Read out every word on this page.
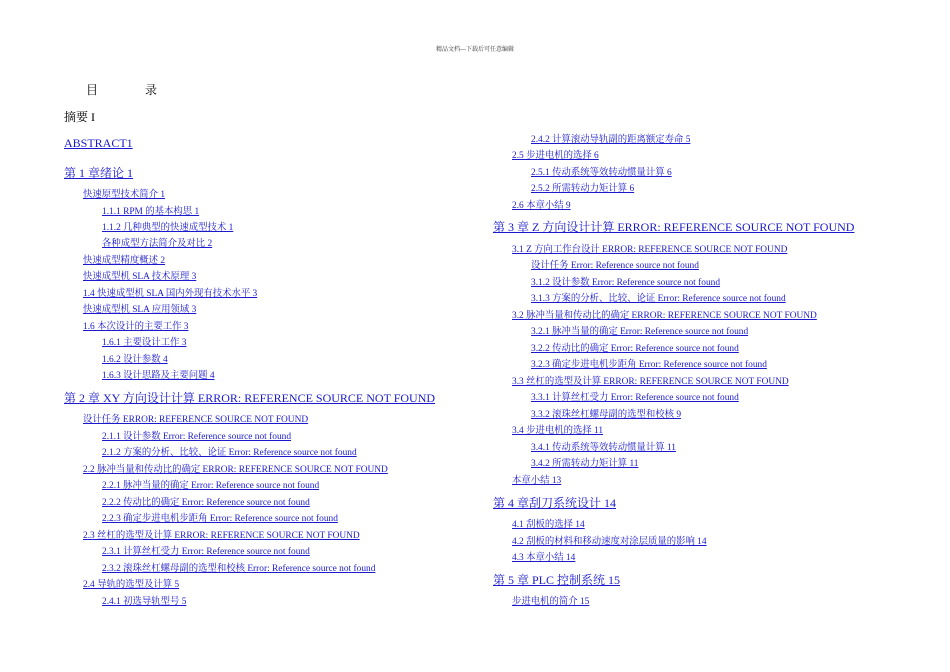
精品文档---下载后可任意编辑
目 录
摘要 I
ABSTRACT1
第 1 章绪论 1
快速原型技术简介 1
1.1.1 RPM 的基本构思 1
1.1.2 几种典型的快速成型技术 1
各种成型方法简介及对比 2
快速成型精度概述 2
快速成型机 SLA 技术原理 3
1.4 快速成型机 SLA 国内外现有技术水平 3
快速成型机 SLA 应用领域 3
1.6 本次设计的主要工作 3
1.6.1 主要设计工作 3
1.6.2 设计参数 4
1.6.3 设计思路及主要问题 4
第 2 章 XY 方向设计计算 ERROR: REFERENCE SOURCE NOT FOUND
设计任务 ERROR: REFERENCE SOURCE NOT FOUND
2.1.1 设计参数 Error: Reference source not found
2.1.2 方案的分析、比较、论证 Error: Reference source not found
2.2 脉冲当量和传动比的确定 ERROR: REFERENCE SOURCE NOT FOUND
2.2.1 脉冲当量的确定 Error: Reference source not found
2.2.2 传动比的确定 Error: Reference source not found
2.2.3 确定步进电机步距角 Error: Reference source not found
2.3 丝杠的选型及计算 ERROR: REFERENCE SOURCE NOT FOUND
2.3.1 计算丝杠受力 Error: Reference source not found
2.3.2 滚珠丝杠螺母副的选型和校核 Error: Reference source not found
2.4 导轨的选型及计算 5
2.4.1 初选导轨型号 5
2.4.2 计算滚动导轨副的距离额定寿命 5
2.5 步进电机的选择 6
2.5.1 传动系统等效转动惯量计算 6
2.5.2 所需转动力矩计算 6
2.6 本章小结 9
第 3 章 Z 方向设计计算 ERROR: REFERENCE SOURCE NOT FOUND
3.1 Z 方向工作台设计 ERROR: REFERENCE SOURCE NOT FOUND
设计任务 Error: Reference source not found
3.1.2 设计参数 Error: Reference source not found
3.1.3 方案的分析、比较、论证 Error: Reference source not found
3.2 脉冲当量和传动比的确定 ERROR: REFERENCE SOURCE NOT FOUND
3.2.1 脉冲当量的确定 Error: Reference source not found
3.2.2 传动比的确定 Error: Reference source not found
3.2.3 确定步进电机步距角 Error: Reference source not found
3.3 丝杠的选型及计算 ERROR: REFERENCE SOURCE NOT FOUND
3.3.1 计算丝杠受力 Error: Reference source not found
3.3.2 滚珠丝杠螺母副的选型和校核 9
3.4 步进电机的选择 11
3.4.1 传动系统等效转动惯量计算 11
3.4.2 所需转动力矩计算 11
本章小结 13
第 4 章刮刀系统设计 14
4.1 刮板的选择 14
4.2 刮板的材料和移动速度对涂层质量的影响 14
4.3 本章小结 14
第 5 章 PLC 控制系统 15
步进电机的简介 15
